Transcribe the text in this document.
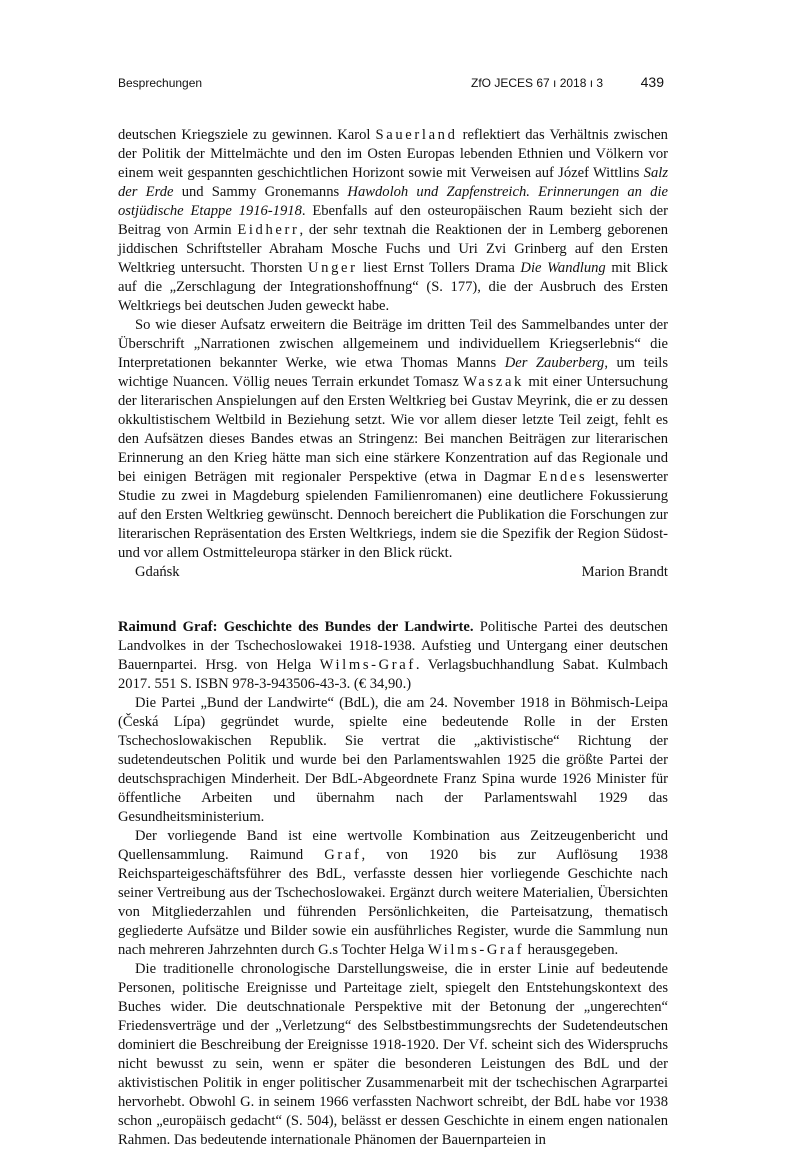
Besprechungen	ZfO JECES 67 ı 2018 ı 3	439

deutschen Kriegsziele zu gewinnen. Karol Sauerland reflektiert das Verhältnis zwischen der Politik der Mittelmächte und den im Osten Europas lebenden Ethnien und Völkern vor einem weit gespannten geschichtlichen Horizont sowie mit Verweisen auf Józef Wittlins Salz der Erde und Sammy Gronemanns Hawdoloh und Zapfenstreich. Erinnerungen an die ostjüdische Etappe 1916-1918. Ebenfalls auf den osteuropäischen Raum bezieht sich der Beitrag von Armin Eidherr, der sehr textnah die Reaktionen der in Lemberg geborenen jiddischen Schriftsteller Abraham Mosche Fuchs und Uri Zvi Grinberg auf den Ersten Weltkrieg untersucht. Thorsten Unger liest Ernst Tollers Drama Die Wandlung mit Blick auf die „Zerschlagung der Integrationshoffnung“ (S. 177), die der Ausbruch des Ersten Weltkriegs bei deutschen Juden geweckt habe.

So wie dieser Aufsatz erweitern die Beiträge im dritten Teil des Sammelbandes unter der Überschrift „Narrationen zwischen allgemeinem und individuellem Kriegserlebnis“ die Interpretationen bekannter Werke, wie etwa Thomas Manns Der Zauberberg, um teils wichtige Nuancen. Völlig neues Terrain erkundet Tomasz Waszak mit einer Untersuchung der literarischen Anspielungen auf den Ersten Weltkrieg bei Gustav Meyrink, die er zu dessen okkultistischem Weltbild in Beziehung setzt. Wie vor allem dieser letzte Teil zeigt, fehlt es den Aufsätzen dieses Bandes etwas an Stringenz: Bei manchen Beiträgen zur literarischen Erinnerung an den Krieg hätte man sich eine stärkere Konzentration auf das Regionale und bei einigen Beträgen mit regionaler Perspektive (etwa in Dagmar Endes lesenswerter Studie zu zwei in Magdeburg spielenden Familienromanen) eine deutlichere Fokussierung auf den Ersten Weltkrieg gewünscht. Dennoch bereichert die Publikation die Forschungen zur literarischen Repräsentation des Ersten Weltkriegs, indem sie die Spezifik der Region Südost- und vor allem Ostmitteleuropa stärker in den Blick rückt.

Gdańsk	Marion Brandt

Raimund Graf: Geschichte des Bundes der Landwirte. Politische Partei des deutschen Landvolkes in der Tschechoslowakei 1918-1938. Aufstieg und Untergang einer deutschen Bauernpartei. Hrsg. von Helga Wilms-Graf. Verlagsbuchhandlung Sabat. Kulmbach 2017. 551 S. ISBN 978-3-943506-43-3. (€ 34,90.)

Die Partei „Bund der Landwirte“ (BdL), die am 24. November 1918 in Böhmisch-Leipa (Česká Lípa) gegründet wurde, spielte eine bedeutende Rolle in der Ersten Tschechoslowakischen Republik. Sie vertrat die „aktivistische“ Richtung der sudetendeutschen Politik und wurde bei den Parlamentswahlen 1925 die größte Partei der deutschsprachigen Minderheit. Der BdL-Abgeordnete Franz Spina wurde 1926 Minister für öffentliche Arbeiten und übernahm nach der Parlamentswahl 1929 das Gesundheitsministerium.

Der vorliegende Band ist eine wertvolle Kombination aus Zeitzeugenbericht und Quellensammlung. Raimund Graf, von 1920 bis zur Auflösung 1938 Reichsparteigeschäftsführer des BdL, verfasste dessen hier vorliegende Geschichte nach seiner Vertreibung aus der Tschechoslowakei. Ergänzt durch weitere Materialien, Übersichten von Mitgliederzahlen und führenden Persönlichkeiten, die Parteisatzung, thematisch gegliederte Aufsätze und Bilder sowie ein ausführliches Register, wurde die Sammlung nun nach mehreren Jahrzehnten durch G.s Tochter Helga Wilms-Graf herausgegeben.

Die traditionelle chronologische Darstellungsweise, die in erster Linie auf bedeutende Personen, politische Ereignisse und Parteitage zielt, spiegelt den Entstehungskontext des Buches wider. Die deutschnationale Perspektive mit der Betonung der „ungerechten“ Friedensverträge und der „Verletzung“ des Selbstbestimmungsrechts der Sudetendeutschen dominiert die Beschreibung der Ereignisse 1918-1920. Der Vf. scheint sich des Widerspruchs nicht bewusst zu sein, wenn er später die besonderen Leistungen des BdL und der aktivistischen Politik in enger politischer Zusammenarbeit mit der tschechischen Agrarpartei hervorhebt. Obwohl G. in seinem 1966 verfassten Nachwort schreibt, der BdL habe vor 1938 schon „europäisch gedacht“ (S. 504), belässt er dessen Geschichte in einem engen nationalen Rahmen. Das bedeutende internationale Phänomen der Bauernparteien in
